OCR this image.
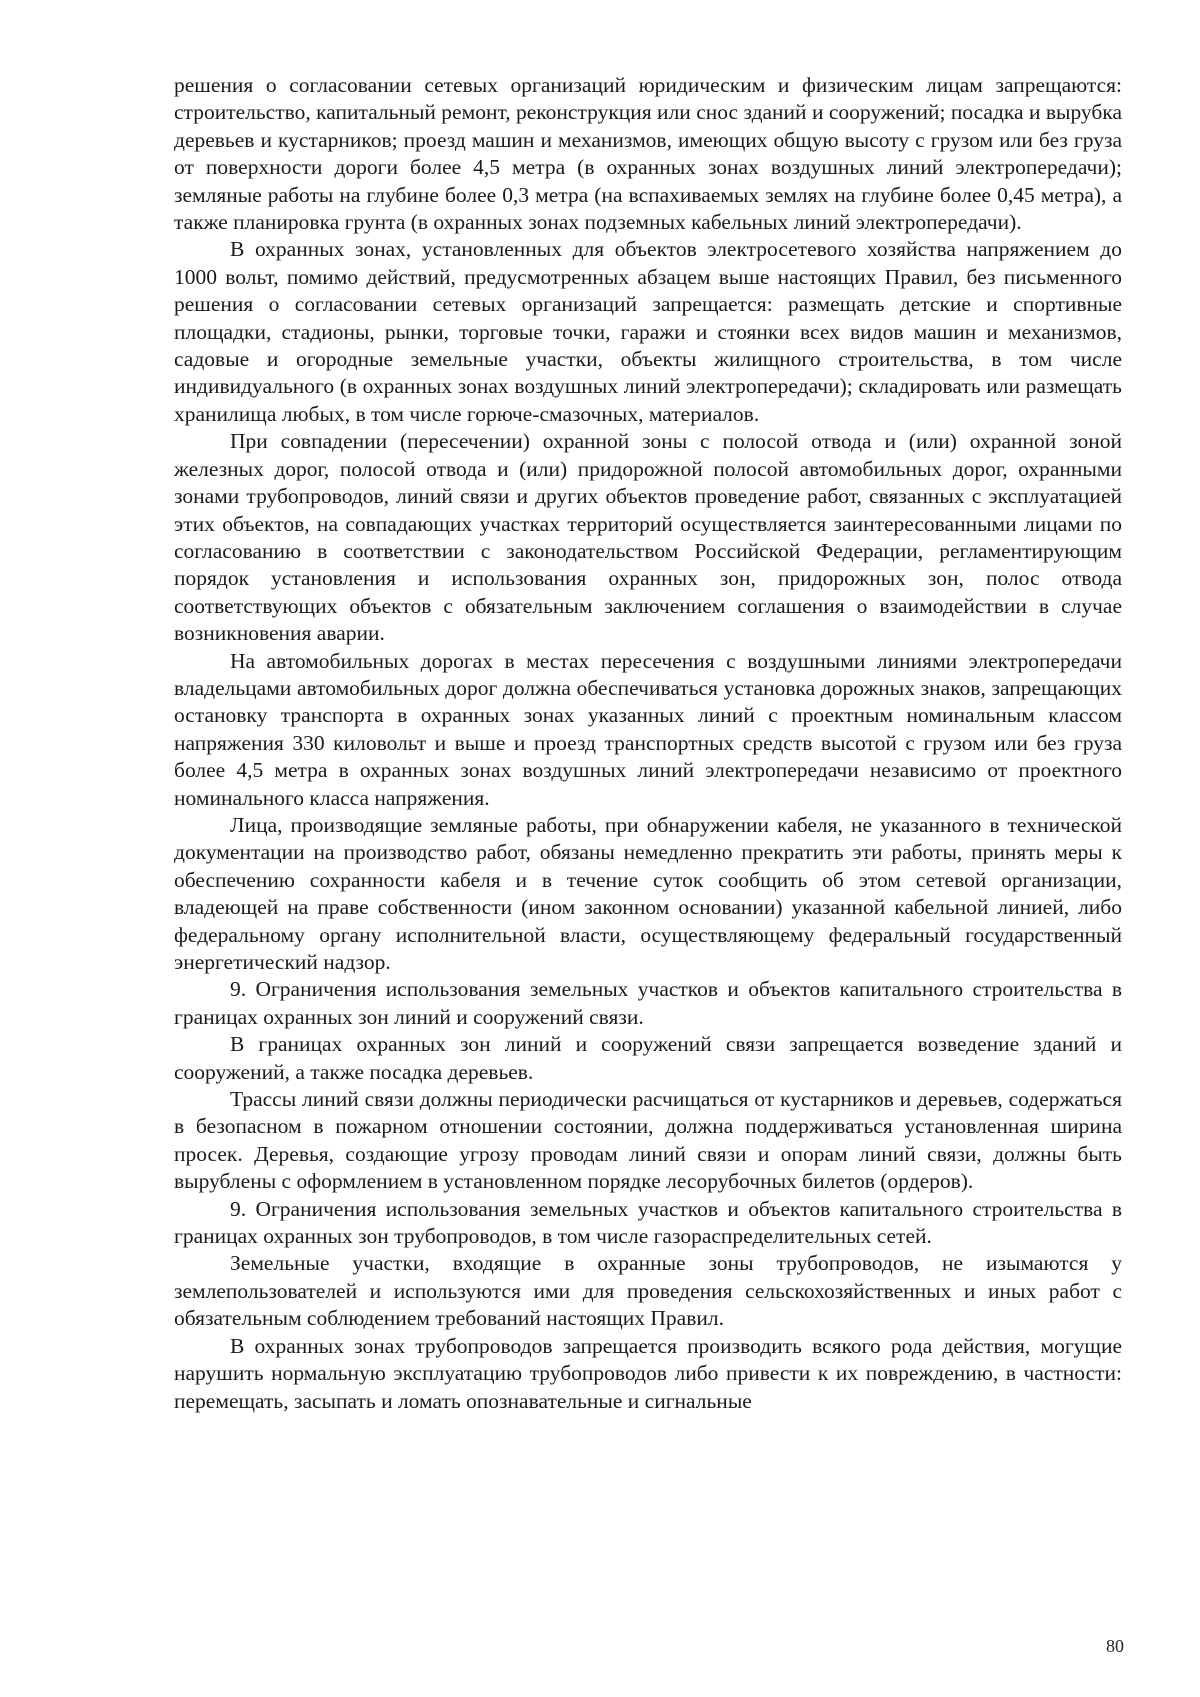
решения о согласовании сетевых организаций юридическим и физическим лицам запрещаются: строительство, капитальный ремонт, реконструкция или снос зданий и сооружений; посадка и вырубка деревьев и кустарников; проезд машин и механизмов, имеющих общую высоту с грузом или без груза от поверхности дороги более 4,5 метра (в охранных зонах воздушных линий электропередачи); земляные работы на глубине более 0,3 метра (на вспахиваемых землях на глубине более 0,45 метра), а также планировка грунта (в охранных зонах подземных кабельных линий электропередачи).

В охранных зонах, установленных для объектов электросетевого хозяйства напряжением до 1000 вольт, помимо действий, предусмотренных абзацем выше настоящих Правил, без письменного решения о согласовании сетевых организаций запрещается: размещать детские и спортивные площадки, стадионы, рынки, торговые точки, гаражи и стоянки всех видов машин и механизмов, садовые и огородные земельные участки, объекты жилищного строительства, в том числе индивидуального (в охранных зонах воздушных линий электропередачи); складировать или размещать хранилища любых, в том числе горюче-смазочных, материалов.

При совпадении (пересечении) охранной зоны с полосой отвода и (или) охранной зоной железных дорог, полосой отвода и (или) придорожной полосой автомобильных дорог, охранными зонами трубопроводов, линий связи и других объектов проведение работ, связанных с эксплуатацией этих объектов, на совпадающих участках территорий осуществляется заинтересованными лицами по согласованию в соответствии с законодательством Российской Федерации, регламентирующим порядок установления и использования охранных зон, придорожных зон, полос отвода соответствующих объектов с обязательным заключением соглашения о взаимодействии в случае возникновения аварии.

На автомобильных дорогах в местах пересечения с воздушными линиями электропередачи владельцами автомобильных дорог должна обеспечиваться установка дорожных знаков, запрещающих остановку транспорта в охранных зонах указанных линий с проектным номинальным классом напряжения 330 киловольт и выше и проезд транспортных средств высотой с грузом или без груза более 4,5 метра в охранных зонах воздушных линий электропередачи независимо от проектного номинального класса напряжения.

Лица, производящие земляные работы, при обнаружении кабеля, не указанного в технической документации на производство работ, обязаны немедленно прекратить эти работы, принять меры к обеспечению сохранности кабеля и в течение суток сообщить об этом сетевой организации, владеющей на праве собственности (ином законном основании) указанной кабельной линией, либо федеральному органу исполнительной власти, осуществляющему федеральный государственный энергетический надзор.

9. Ограничения использования земельных участков и объектов капитального строительства в границах охранных зон линий и сооружений связи.

В границах охранных зон линий и сооружений связи запрещается возведение зданий и сооружений, а также посадка деревьев.

Трассы линий связи должны периодически расчищаться от кустарников и деревьев, содержаться в безопасном в пожарном отношении состоянии, должна поддерживаться установленная ширина просек. Деревья, создающие угрозу проводам линий связи и опорам линий связи, должны быть вырублены с оформлением в установленном порядке лесорубочных билетов (ордеров).

9. Ограничения использования земельных участков и объектов капитального строительства в границах охранных зон трубопроводов, в том числе газораспределительных сетей.

Земельные участки, входящие в охранные зоны трубопроводов, не изымаются у землепользователей и используются ими для проведения сельскохозяйственных и иных работ с обязательным соблюдением требований настоящих Правил.

В охранных зонах трубопроводов запрещается производить всякого рода действия, могущие нарушить нормальную эксплуатацию трубопроводов либо привести к их повреждению, в частности: перемещать, засыпать и ломать опознавательные и сигнальные

80
